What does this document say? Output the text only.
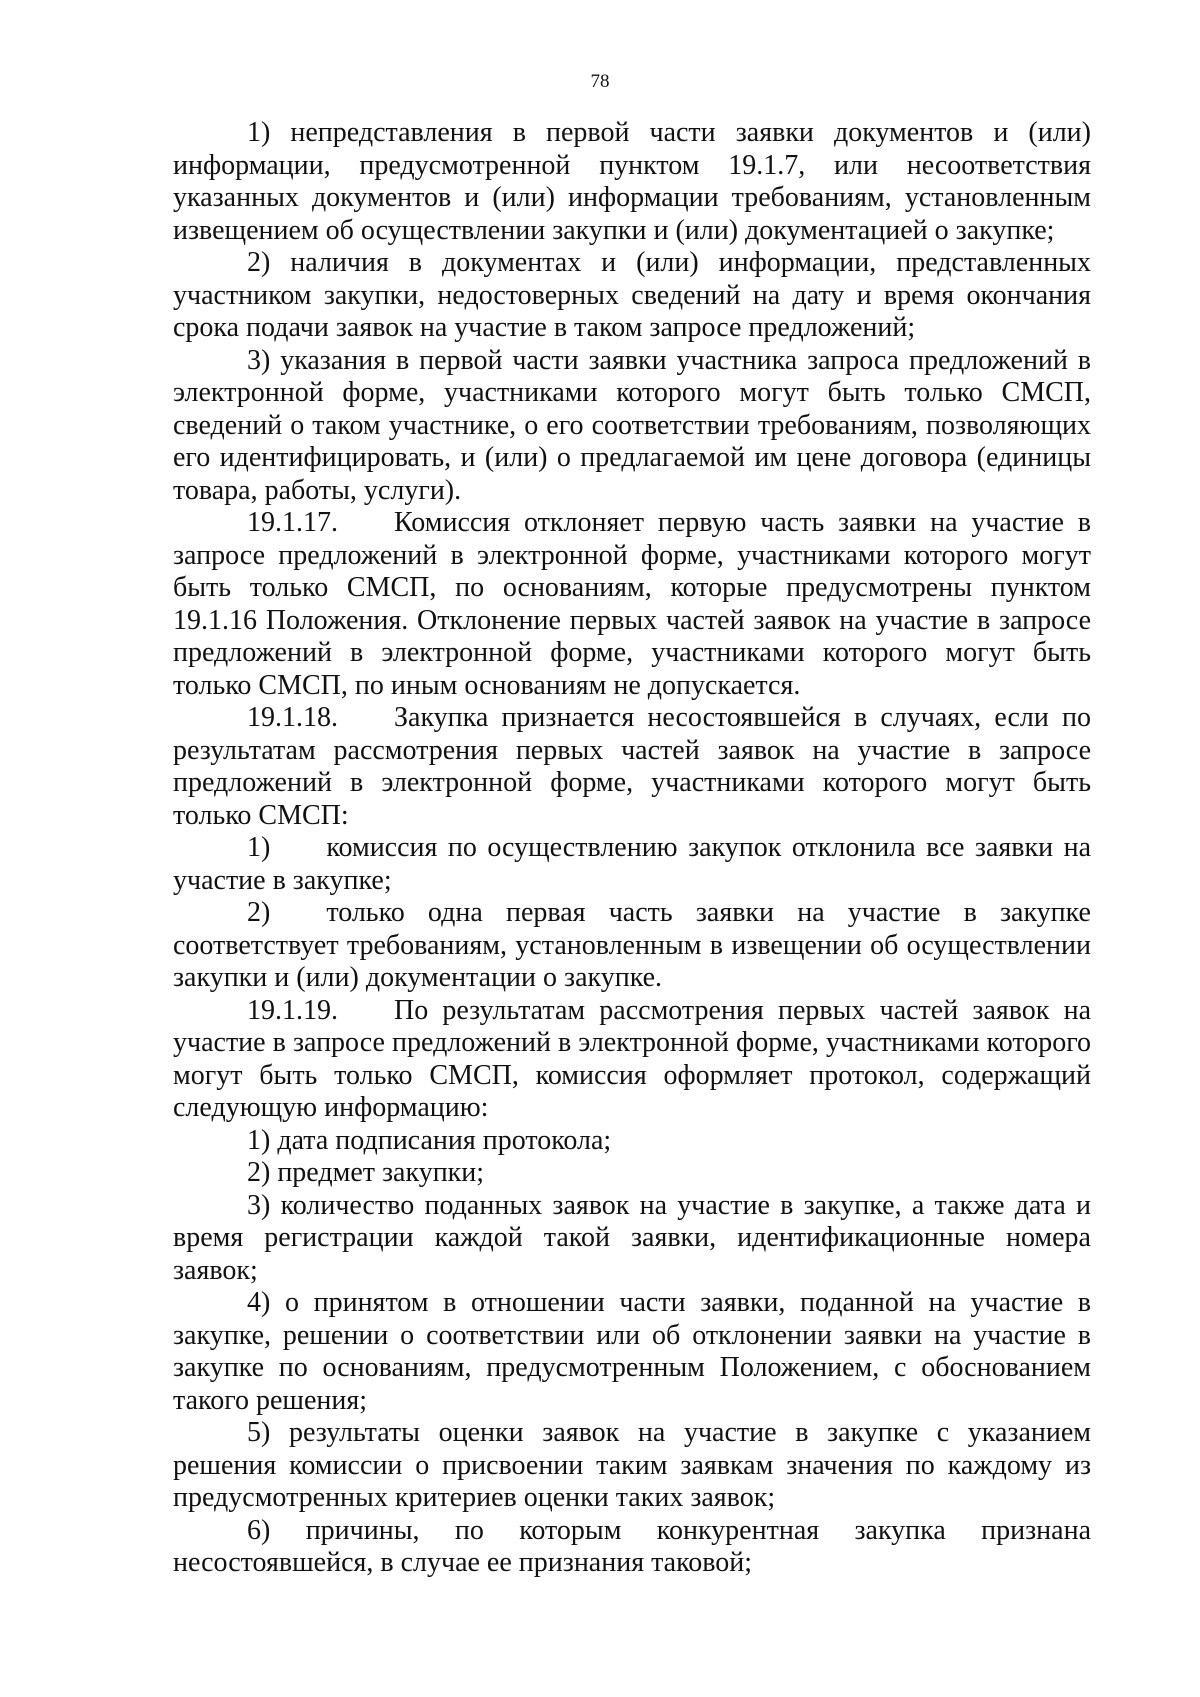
78

1) непредставления в первой части заявки документов и (или) информации, предусмотренной пунктом 19.1.7, или несоответствия указанных документов и (или) информации требованиям, установленным извещением об осуществлении закупки и (или) документацией о закупке;

2) наличия в документах и (или) информации, представленных участником закупки, недостоверных сведений на дату и время окончания срока подачи заявок на участие в таком запросе предложений;

3) указания в первой части заявки участника запроса предложений в электронной форме, участниками которого могут быть только СМСП, сведений о таком участнике, о его соответствии требованиям, позволяющих его идентифицировать, и (или) о предлагаемой им цене договора (единицы товара, работы, услуги).

19.1.17.  Комиссия отклоняет первую часть заявки на участие в запросе предложений в электронной форме, участниками которого могут быть только СМСП, по основаниям, которые предусмотрены пунктом 19.1.16 Положения. Отклонение первых частей заявок на участие в запросе предложений в электронной форме, участниками которого могут быть только СМСП, по иным основаниям не допускается.

19.1.18.  Закупка признается несостоявшейся в случаях, если по результатам рассмотрения первых частей заявок на участие в запросе предложений в электронной форме, участниками которого могут быть только СМСП:

1)  комиссия по осуществлению закупок отклонила все заявки на участие в закупке;

2)  только одна первая часть заявки на участие в закупке соответствует требованиям, установленным в извещении об осуществлении закупки и (или) документации о закупке.

19.1.19.  По результатам рассмотрения первых частей заявок на участие в запросе предложений в электронной форме, участниками которого могут быть только СМСП, комиссия оформляет протокол, содержащий следующую информацию:

1) дата подписания протокола;

2) предмет закупки;

3) количество поданных заявок на участие в закупке, а также дата и время регистрации каждой такой заявки, идентификационные номера заявок;

4) о принятом в отношении части заявки, поданной на участие в закупке, решении о соответствии или об отклонении заявки на участие в закупке по основаниям, предусмотренным Положением, с обоснованием такого решения;

5) результаты оценки заявок на участие в закупке с указанием решения комиссии о присвоении таким заявкам значения по каждому из предусмотренных критериев оценки таких заявок;

6) причины, по которым конкурентная закупка признана несостоявшейся, в случае ее признания таковой;
